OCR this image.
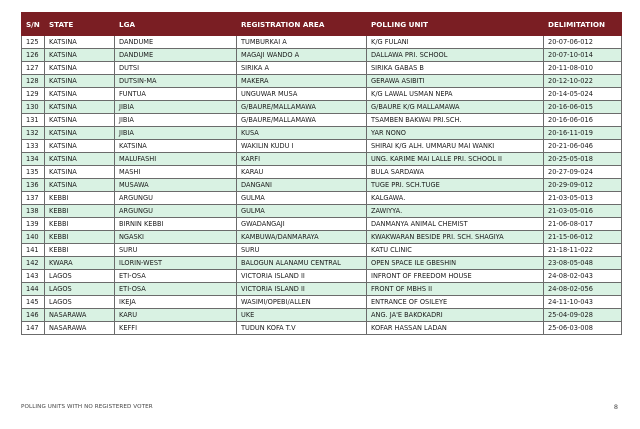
S/N	STATE	LGA	REGISTRATION AREA	POLLING UNIT	DELIMITATION
125	KATSINA	DANDUME	TUMBURKAI A	K/G FULANI	20-07-06-012
126	KATSINA	DANDUME	MAGAJI WANDO A	DALLAWA PRI. SCHOOL	20-07-10-014
127	KATSINA	DUTSI	SIRIKA A	SIRIKA GABAS B	20-11-08-010
128	KATSINA	DUTSIN-MA	MAKERA	GERAWA ASIBITI	20-12-10-022
129	KATSINA	FUNTUA	UNGUWAR MUSA	K/G LAWAL USMAN NEPA	20-14-05-024
130	KATSINA	JIBIA	G/BAURE/MALLAMAWA	G/BAURE K/G MALLAMAWA	20-16-06-015
131	KATSINA	JIBIA	G/BAURE/MALLAMAWA	TSAMBEN BAKWAI PRI.SCH.	20-16-06-016
132	KATSINA	JIBIA	KUSA	YAR NONO	20-16-11-019
133	KATSINA	KATSINA	WAKILIN KUDU I	SHIRAI K/G ALH. UMMARU MAI WANKI	20-21-06-046
134	KATSINA	MALUFASHI	KARFI	UNG. KARIME MAI LALLE PRI. SCHOOL II	20-25-05-018
135	KATSINA	MASHI	KARAU	BULA SARDAWA	20-27-09-024
136	KATSINA	MUSAWA	DANGANI	TUGE PRI. SCH.TUGE	20-29-09-012
137	KEBBI	ARGUNGU	GULMA	KALGAWA.	21-03-05-013
138	KEBBI	ARGUNGU	GULMA	ZAWIYYA.	21-03-05-016
139	KEBBI	BIRNIN KEBBI	GWADANGAJI	DANMANYA ANIMAL CHEMIST	21-06-08-017
140	KEBBI	NGASKI	KAMBUWA/DANMARAYA	KWAKWARAN BESIDE PRI. SCH. SHAGIYA	21-15-06-012
141	KEBBI	SURU	SURU	KATU CLINIC	21-18-11-022
142	KWARA	ILORIN-WEST	BALOGUN ALANAMU CENTRAL	OPEN SPACE ILE GBESHIN	23-08-05-048
143	LAGOS	ETI-OSA	VICTORIA ISLAND II	INFRONT OF FREEDOM HOUSE	24-08-02-043
144	LAGOS	ETI-OSA	VICTORIA ISLAND II	FRONT OF MBHS II	24-08-02-056
145	LAGOS	IKEJA	WASIMI/OPEBI/ALLEN	ENTRANCE OF OSILEYE	24-11-10-043
146	NASARAWA	KARU	UKE	ANG. JA'E BAKOKADRI	25-04-09-028
147	NASARAWA	KEFFI	TUDUN KOFA T.V	KOFAR HASSAN LADAN	25-06-03-008
POLLING UNITS WITH NO REGISTERED VOTER	8
